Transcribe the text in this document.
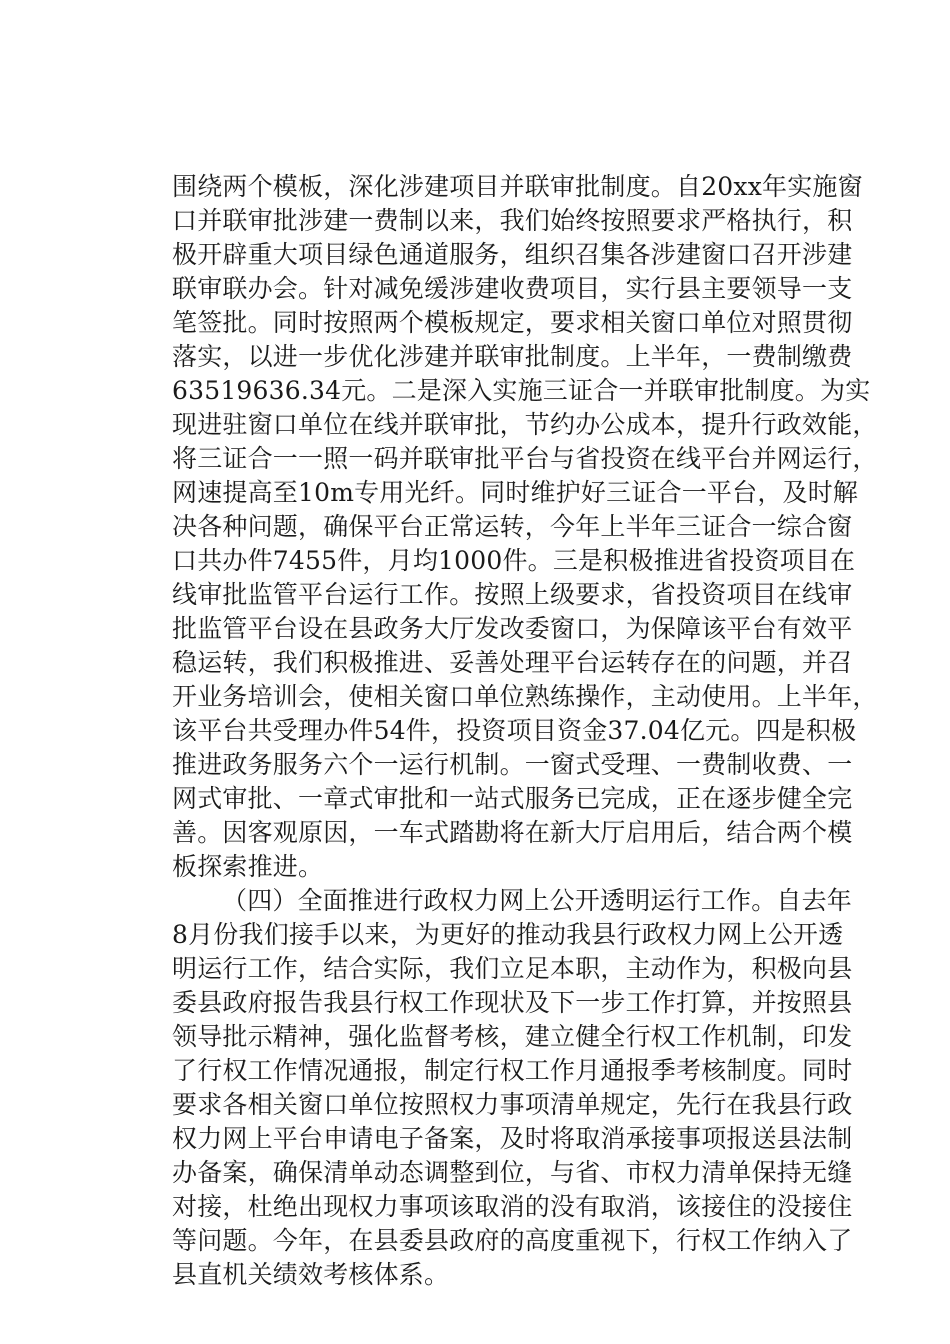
围绕两个模板，深化涉建项目并联审批制度。自20xx年实施窗
口并联审批涉建一费制以来，我们始终按照要求严格执行，积
极开辟重大项目绿色通道服务，组织召集各涉建窗口召开涉建
联审联办会。针对减免缓涉建收费项目，实行县主要领导一支
笔签批。同时按照两个模板规定，要求相关窗口单位对照贯彻
落实，以进一步优化涉建并联审批制度。上半年，一费制缴费
63519636.34元。二是深入实施三证合一并联审批制度。为实
现进驻窗口单位在线并联审批，节约办公成本，提升行政效能，
将三证合一一照一码并联审批平台与省投资在线平台并网运行，
网速提高至10m专用光纤。同时维护好三证合一平台，及时解
决各种问题，确保平台正常运转，今年上半年三证合一综合窗
口共办件7455件，月均1000件。三是积极推进省投资项目在
线审批监管平台运行工作。按照上级要求，省投资项目在线审
批监管平台设在县政务大厅发改委窗口，为保障该平台有效平
稳运转，我们积极推进、妥善处理平台运转存在的问题，并召
开业务培训会，使相关窗口单位熟练操作，主动使用。上半年，
该平台共受理办件54件，投资项目资金37.04亿元。四是积极
推进政务服务六个一运行机制。一窗式受理、一费制收费、一
网式审批、一章式审批和一站式服务已完成，正在逐步健全完
善。因客观原因，一车式踏勘将在新大厅启用后，结合两个模
板探索推进。
（四）全面推进行政权力网上公开透明运行工作。自去年
8月份我们接手以来，为更好的推动我县行政权力网上公开透
明运行工作，结合实际，我们立足本职，主动作为，积极向县
委县政府报告我县行权工作现状及下一步工作打算，并按照县
领导批示精神，强化监督考核，建立健全行权工作机制，印发
了行权工作情况通报，制定行权工作月通报季考核制度。同时
要求各相关窗口单位按照权力事项清单规定，先行在我县行政
权力网上平台申请电子备案，及时将取消承接事项报送县法制
办备案，确保清单动态调整到位，与省、市权力清单保持无缝
对接，杜绝出现权力事项该取消的没有取消，该接住的没接住
等问题。今年，在县委县政府的高度重视下，行权工作纳入了
县直机关绩效考核体系。
